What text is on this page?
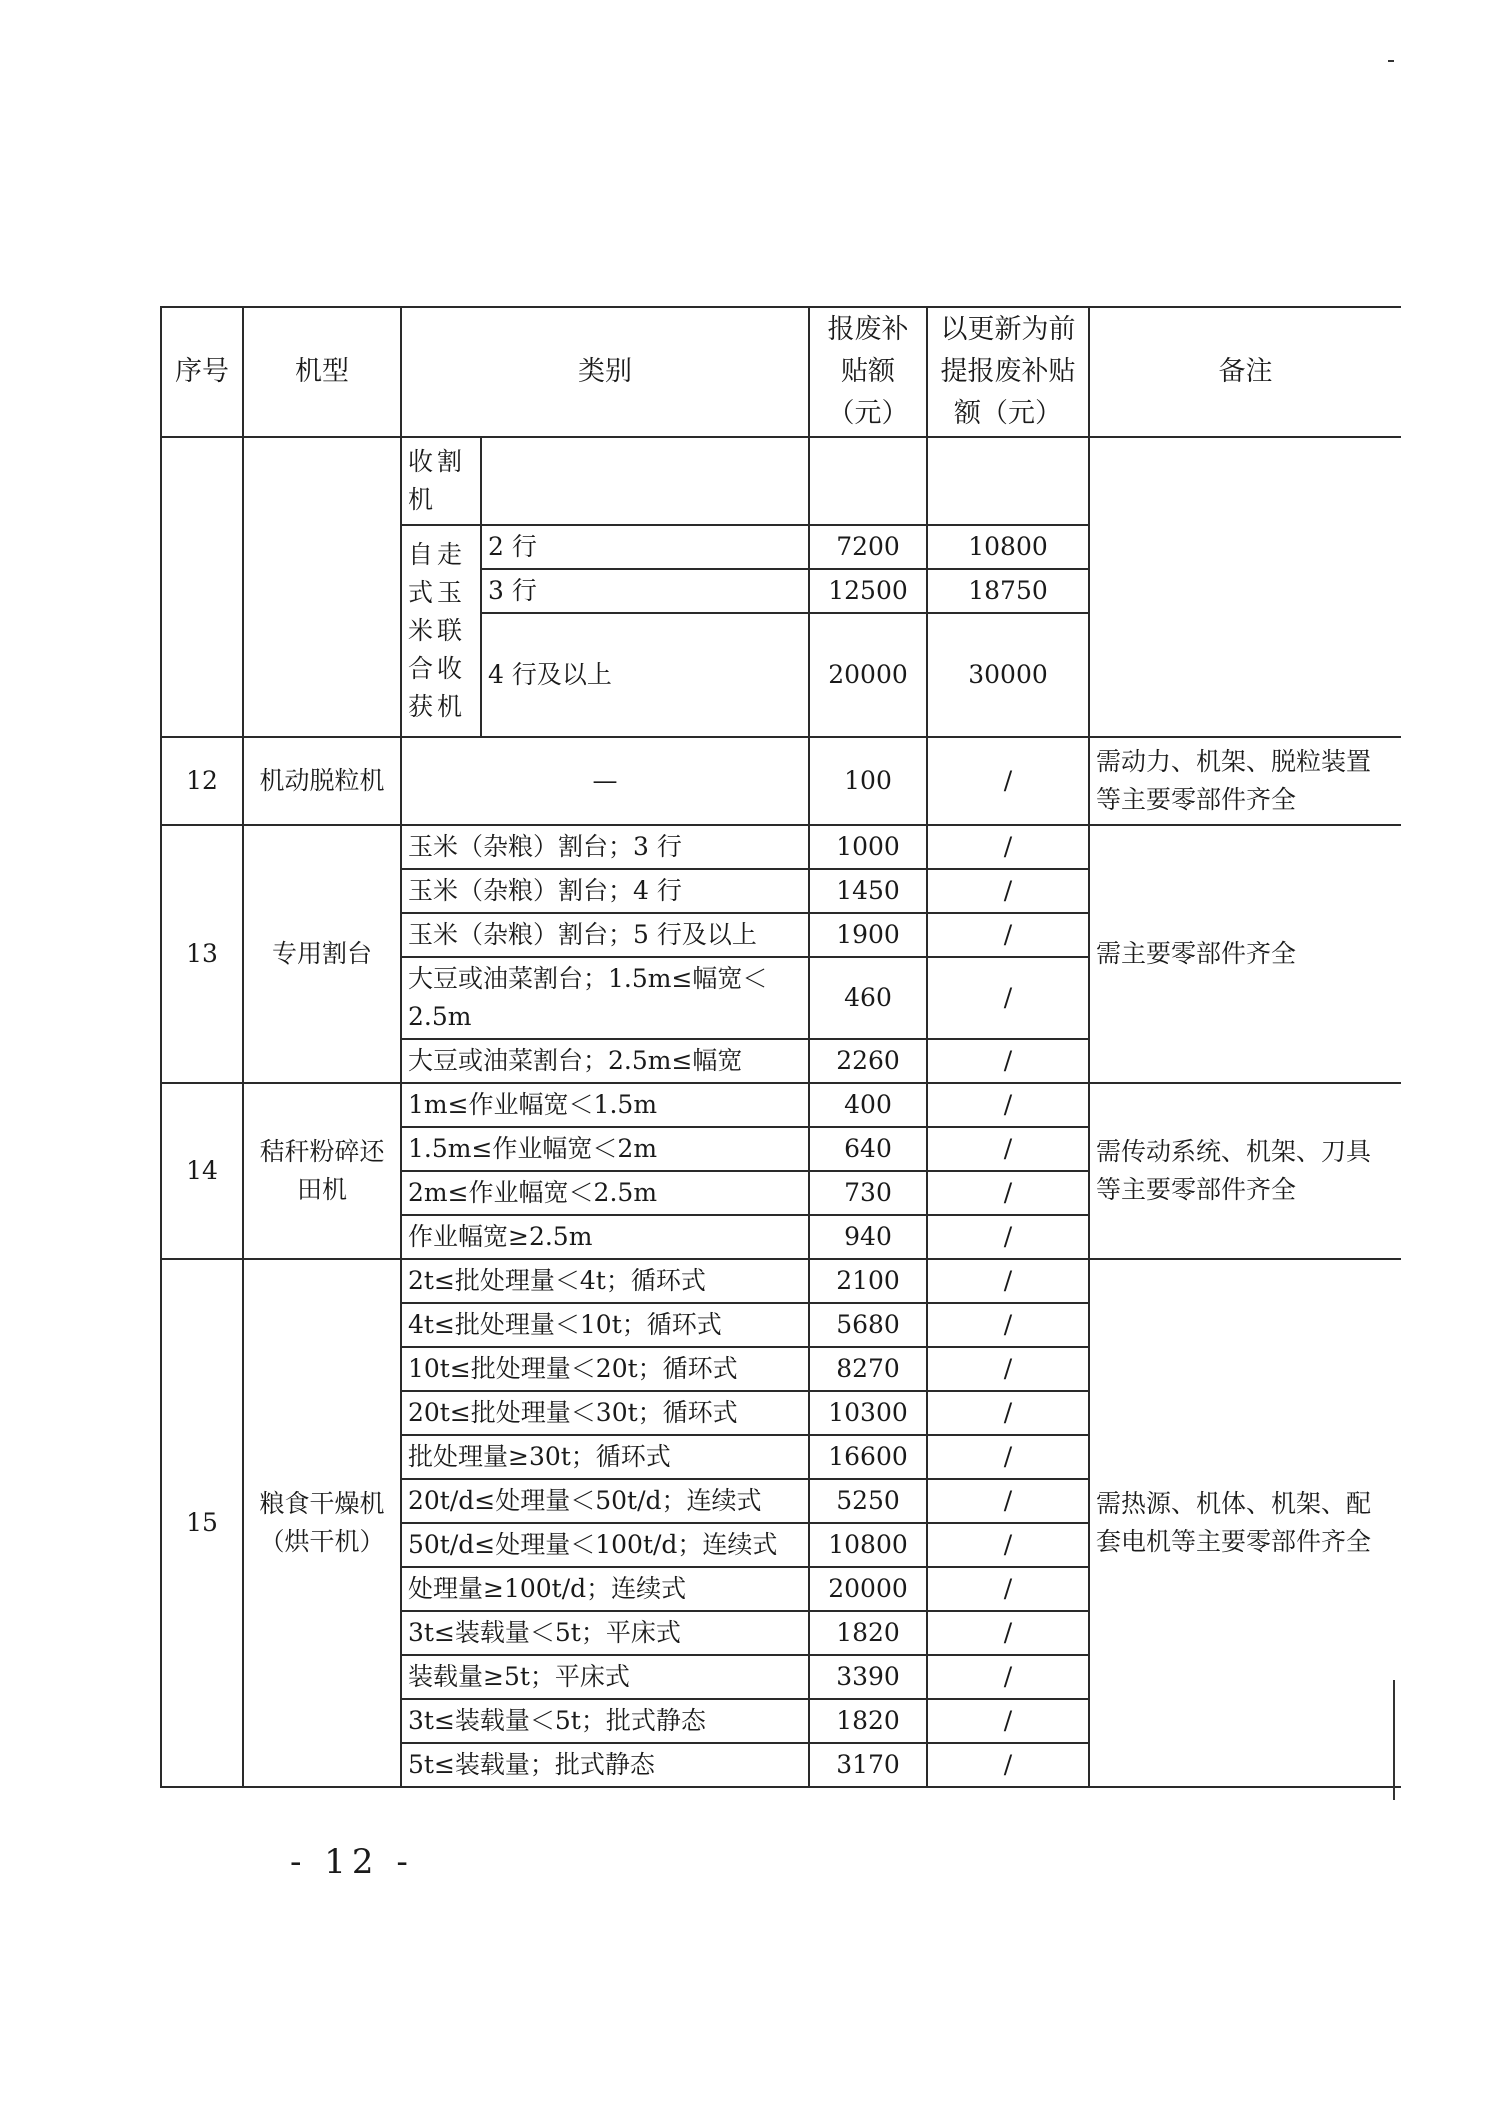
序号	机型	类别		报废补贴额（元）	以更新为前提报废补贴额（元）	备注
		收割机				
		自走式玉米联合收获机	2 行	7200	10800	
			3 行	12500	18750	
			4 行及以上	20000	30000	
12	机动脱粒机	—		100	/	需动力、机架、脱粒装置等主要零部件齐全
13	专用割台	玉米（杂粮）割台；3 行		1000	/	需主要零部件齐全
		玉米（杂粮）割台；4 行		1450	/	
		玉米（杂粮）割台；5 行及以上		1900	/	
		大豆或油菜割台；1.5m≤幅宽＜2.5m		460	/	
		大豆或油菜割台；2.5m≤幅宽		2260	/	
14	秸秆粉碎还田机	1m≤作业幅宽＜1.5m		400	/	需传动系统、机架、刀具等主要零部件齐全
		1.5m≤作业幅宽＜2m		640	/	
		2m≤作业幅宽＜2.5m		730	/	
		作业幅宽≥2.5m		940	/	
15	粮食干燥机（烘干机）	2t≤批处理量＜4t；循环式		2100	/	需热源、机体、机架、配套电机等主要零部件齐全
		4t≤批处理量＜10t；循环式		5680	/	
		10t≤批处理量＜20t；循环式		8270	/	
		20t≤批处理量＜30t；循环式		10300	/	
		批处理量≥30t；循环式		16600	/	
		20t/d≤处理量＜50t/d；连续式		5250	/	
		50t/d≤处理量＜100t/d；连续式		10800	/	
		处理量≥100t/d；连续式		20000	/	
		3t≤装载量＜5t；平床式		1820	/	
		装载量≥5t；平床式		3390	/	
		3t≤装载量＜5t；批式静态		1820	/	
		5t≤装载量；批式静态		3170	/	
- 12 -
